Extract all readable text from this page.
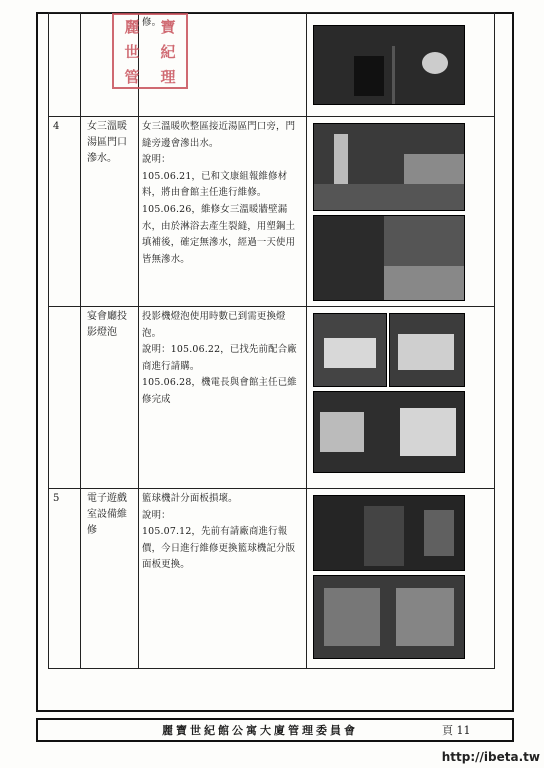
		修。	

4	女三溫暖湯區門口滲水。	女三溫暖吹整區接近湯區門口旁，門縫旁邊會滲出水。
說明：
105.06.21，已和文康組報維修材料，將由會館主任進行維修。
105.06.26，維修女三溫暖牆壁漏水，由於淋浴去產生裂縫，用塑鋼土填補後，確定無滲水，經過一天使用皆無滲水。	

	宴會廳投影燈泡	投影機燈泡使用時數已到需更換燈泡。
說明：105.06.22，已找先前配合廠商進行請購。
105.06.28，機電長與會館主任已維修完成	

5	電子遊戲室設備維修	籃球機計分面板損壞。
說明：
105.07.12，先前有請廠商進行報價，今日進行維修更換籃球機記分版面板更換。	

麗	寶
世	紀
管	理
麗寶世紀館公寓大廈管理委員會	頁 11
http://ibeta.tw
